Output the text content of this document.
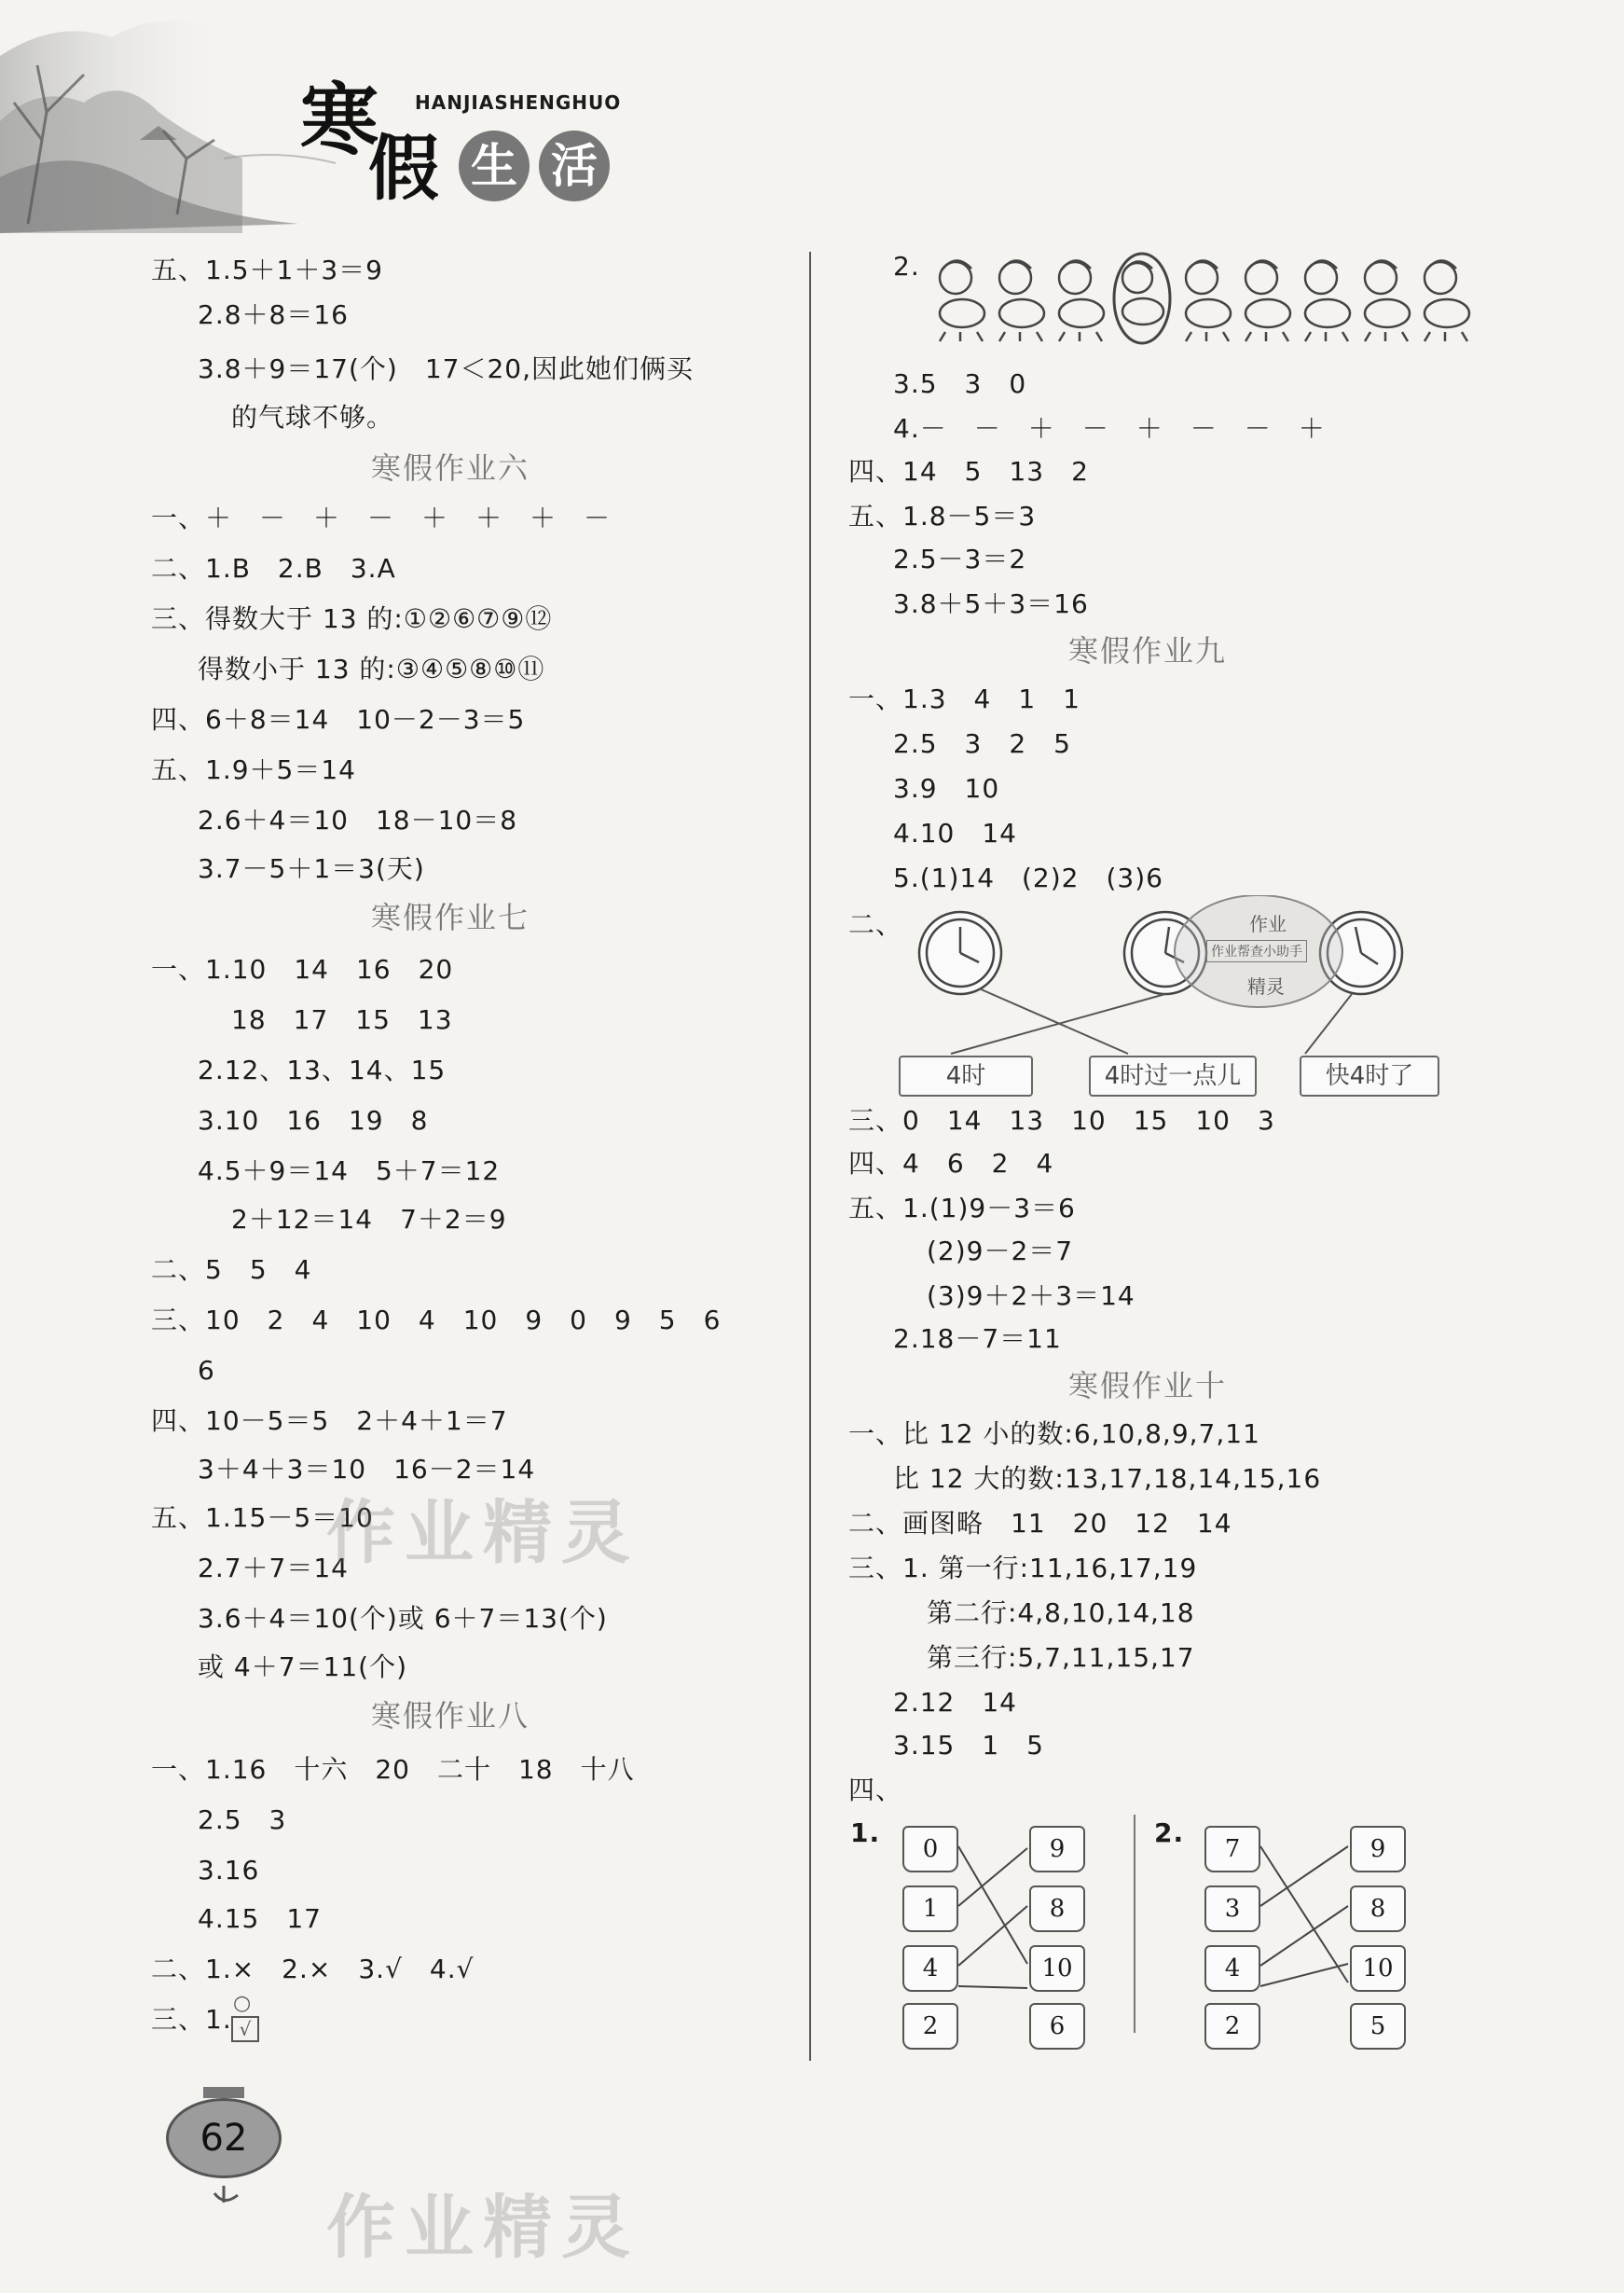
HANJIASHENGHUO
寒
假 生 活
五、1.5＋1＋3＝9
2.8＋8＝16
3.8＋9＝17(个)　17＜20,因此她们俩买
的气球不够。
寒假作业六
一、＋　－　＋　－　＋　＋　＋　－
二、1.B　2.B　3.A
三、得数大于 13 的:①②⑥⑦⑨⑫
得数小于 13 的:③④⑤⑧⑩⑪
四、6＋8＝14　10－2－3＝5
五、1.9＋5＝14
2.6＋4＝10　18－10＝8
3.7－5＋1＝3(天)
寒假作业七
一、1.10　14　16　20
18　17　15　13
2.12、13、14、15
3.10　16　19　8
4.5＋9＝14　5＋7＝12
2＋12＝14　7＋2＝9
二、5　5　4
三、10　2　4　10　4　10　9　0　9　5　6
6
四、10－5＝5　2＋4＋1＝7
3＋4＋3＝10　16－2＝14
五、1.15－5＝10
2.7＋7＝14
3.6＋4＝10(个)或 6＋7＝13(个)
或 4＋7＝11(个)
寒假作业八
一、1.16　十六　20　二十　18　十八
2.5　3
3.16
4.15　17
二、1.×　2.×　3.√　4.√
三、1.
○
√
2.
3.5　3　0
4.－　－　＋　－　＋　－　－　＋
四、14　5　13　2
五、1.8－5＝3
2.5－3＝2
3.8＋5＋3＝16
寒假作业九
一、1.3　4　1　1
2.5　3　2　5
3.9　10
4.10　14
5.(1)14　(2)2　(3)6
二、	作业
作业帮查小助手
精灵
4时	4时过一点儿	快4时了
三、0　14　13　10　15　10　3
四、4　6　2　4
五、1.(1)9－3＝6
(2)9－2＝7
(3)9＋2＋3＝14
2.18－7＝11
寒假作业十
一、比 12 小的数:6,10,8,9,7,11
比 12 大的数:13,17,18,14,15,16
二、画图略　11　20　12　14
三、1. 第一行:11,16,17,19
第二行:4,8,10,14,18
第三行:5,7,11,15,17
2.12　14
3.15　1　5
四、
1.
0
1
4
2
9
8
10
6
2.
7
3
4
2
9
8
10
5
作业精灵
作业精灵
62
